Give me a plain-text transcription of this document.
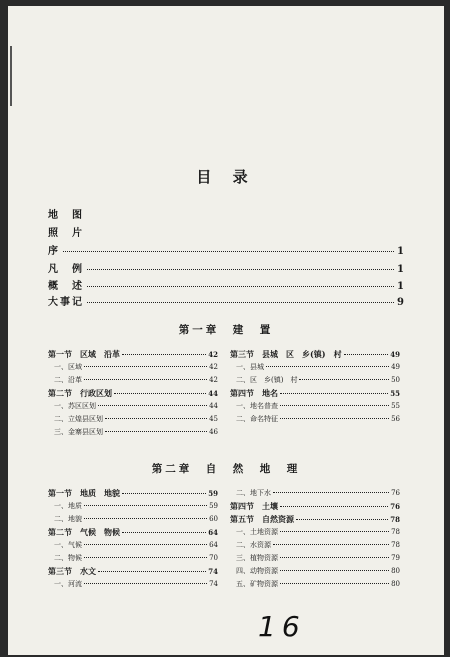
目 录
地　图
照　片
序	1
凡　例	1
概　述	1
大事记	9
第一章　建　置
第一节　区域　沿革	42
一、区域	42
二、沿革	42
第二节　行政区划	44
一、苏区区划	44
二、立煌县区划	45
三、金寨县区划	46
第三节　县城　区　乡(镇)　村	49
一、县城	49
二、区　乡(镇)　村	50
第四节　地名	55
一、地名普查	55
二、命名特征	56
第二章　自　然　地　理
第一节　地质　地貌	59
一、地质	59
二、地貌	60
第二节　气候　物候	64
一、气候	64
二、物候	70
第三节　水文	74
一、河流	74
二、地下水	76
第四节　土壤	76
第五节　自然资源	78
一、土地资源	78
二、水资源	78
三、植物资源	79
四、动物资源	80
五、矿物资源	80
16
